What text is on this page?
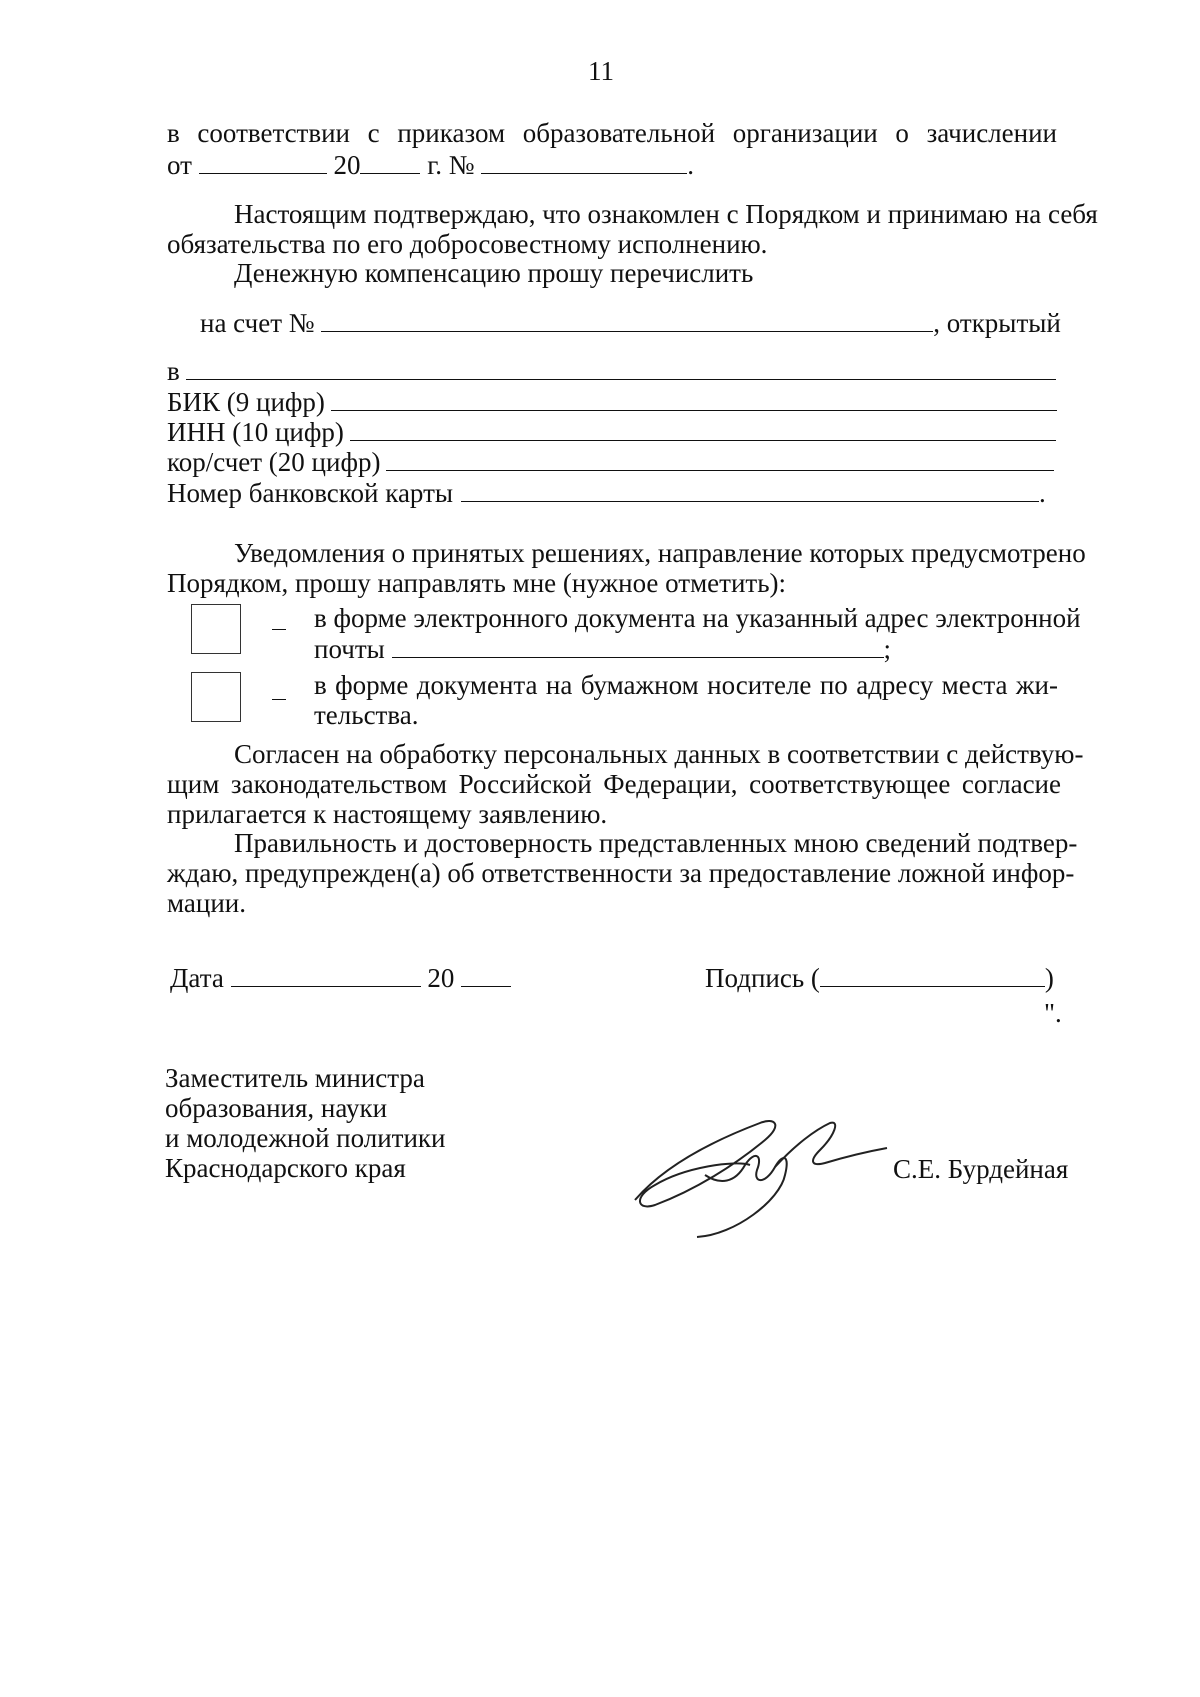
11
в соответствии с приказом образовательной организации о зачислении
от	20 г. №	.
Настоящим подтверждаю, что ознакомлен с Порядком и принимаю на себя
обязательства по его добросовестному исполнению.
Денежную компенсацию прошу перечислить
на счет №	, открытый
в
БИК (9 цифр)
ИНН (10 цифр)
кор/счет (20 цифр)
Номер банковской карты	.
Уведомления о принятых решениях, направление которых предусмотрено
Порядком, прошу направлять мне (нужное отметить):
в форме электронного документа на указанный адрес электронной
почты	;
в форме документа на бумажном носителе по адресу места жи-
тельства.
Согласен на обработку персональных данных в соответствии с действую-
щим законодательством Российской Федерации, соответствующее согласие
прилагается к настоящему заявлению.
Правильность и достоверность представленных мною сведений подтвер-
ждаю, предупрежден(а) об ответственности за предоставление ложной инфор-
мации.
Дата	20	Подпись (	)
".
Заместитель министра
образования, науки
и молодежной политики
Краснодарского края	С.Е. Бурдейная
